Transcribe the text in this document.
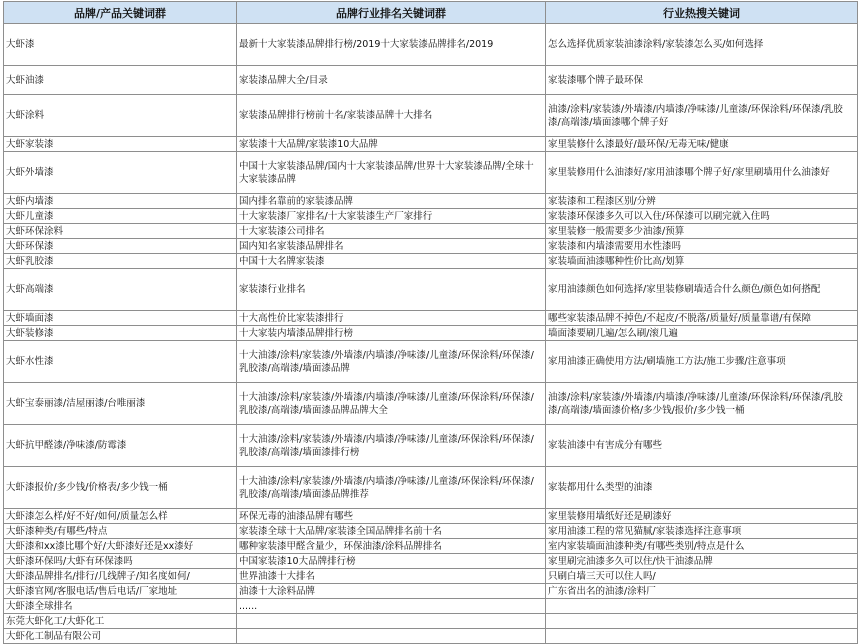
品牌/产品关键词群	品牌行业排名关键词群	行业热搜关键词
大虾漆	最新十大家装漆品牌排行榜/2019十大家装漆品牌排名/2019	怎么选择优质家装油漆涂料/家装漆怎么买/如何选择
大虾油漆	家装漆品牌大全/目录	家装漆哪个牌子最环保
大虾涂料	家装漆品牌排行榜前十名/家装漆品牌十大排名	油漆/涂料/家装漆/外墙漆/内墙漆/净味漆/儿童漆/环保涂料/环保漆/乳胶漆/高端漆/墙面漆哪个牌子好
大虾家装漆	家装漆十大品牌/家装漆10大品牌	家里装修什么漆最好/最环保/无毒无味/健康
大虾外墙漆	中国十大家装漆品牌/国内十大家装漆品牌/世界十大家装漆品牌/全球十大家装漆品牌	家里装修用什么油漆好/家用油漆哪个牌子好/家里刷墙用什么油漆好
大虾内墙漆	国内排名靠前的家装漆品牌	家装漆和工程漆区别/分辨
大虾儿童漆	十大家装漆厂家排名/十大家装漆生产厂家排行	家装漆环保漆多久可以入住/环保漆可以刷完就入住吗
大虾环保涂料	十大家装漆公司排名	家里装修一般需要多少油漆/预算
大虾环保漆	国内知名家装漆品牌排名	家装漆和内墙漆需要用水性漆吗
大虾乳胶漆	中国十大名牌家装漆	家装墙面油漆哪种性价比高/划算
大虾高端漆	家装漆行业排名	家用油漆颜色如何选择/家里装修刷墙适合什么颜色/颜色如何搭配
大虾墙面漆	十大高性价比家装漆排行	哪些家装漆品牌不掉色/不起皮/不脱落/质量好/质量靠谱/有保障
大虾装修漆	十大家装内墙漆品牌排行榜	墙面漆要刷几遍/怎么刷/滚几遍
大虾水性漆	十大油漆/涂料/家装漆/外墙漆/内墙漆/净味漆/儿童漆/环保涂料/环保漆/乳胶漆/高端漆/墙面漆品牌	家用油漆正确使用方法/刷墙施工方法/施工步骤/注意事项
大虾宝泰丽漆/洁屋丽漆/台唯丽漆	十大油漆/涂料/家装漆/外墙漆/内墙漆/净味漆/儿童漆/环保涂料/环保漆/乳胶漆/高端漆/墙面漆品牌品牌大全	油漆/涂料/家装漆/外墙漆/内墙漆/净味漆/儿童漆/环保涂料/环保漆/乳胶漆/高端漆/墙面漆价格/多少钱/报价/多少钱一桶
大虾抗甲醛漆/净味漆/防霉漆	十大油漆/涂料/家装漆/外墙漆/内墙漆/净味漆/儿童漆/环保涂料/环保漆/乳胶漆/高端漆/墙面漆排行榜	家装油漆中有害成分有哪些
大虾漆报价/多少钱/价格表/多少钱一桶	十大油漆/涂料/家装漆/外墙漆/内墙漆/净味漆/儿童漆/环保涂料/环保漆/乳胶漆/高端漆/墙面漆品牌推荐	家装都用什么类型的油漆
大虾漆怎么样/好不好/如何/质量怎么样	环保无毒的油漆品牌有哪些	家里装修用墙纸好还是刷漆好
大虾漆种类/有哪些/特点	家装漆全球十大品牌/家装漆全国品牌排名前十名	家用油漆工程的常见猫腻/家装漆选择注意事项
大虾漆和xx漆比哪个好/大虾漆好还是xx漆好	哪种家装漆甲醛含量少，环保油漆/涂料品牌排名	室内家装墙面油漆种类/有哪些类别/特点是什么
大虾漆环保吗/大虾有环保漆吗	中国家装漆10大品牌排行榜	家里刷完油漆多久可以住/快干油漆品牌
大虾漆品牌排名/排行/几线牌子/知名度如何/	世界油漆十大排名	只刷白墙三天可以住人吗/
大虾漆官网/客服电话/售后电话/厂家地址	油漆十大涂料品牌	广东省出名的油漆/涂料厂
大虾漆全球排名	......	
东莞大虾化工/大虾化工		
大虾化工制品有限公司		
